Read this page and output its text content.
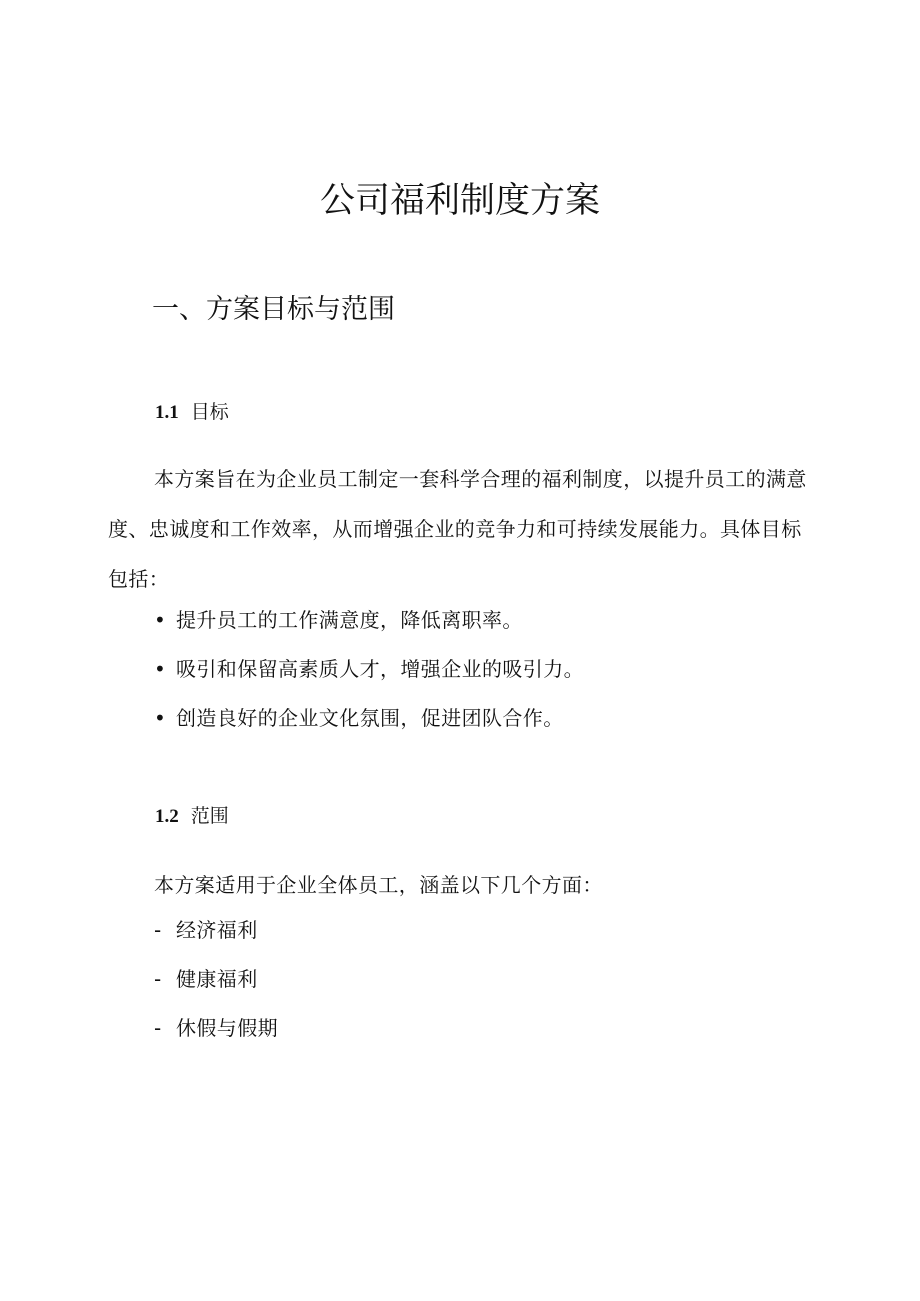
公司福利制度方案
一、方案目标与范围
1.1 目标

本方案旨在为企业员工制定一套科学合理的福利制度，以提升员工的满意度、忠诚度和工作效率，从而增强企业的竞争力和可持续发展能力。具体目标包括：

• 提升员工的工作满意度，降低离职率。
• 吸引和保留高素质人才，增强企业的吸引力。
• 创造良好的企业文化氛围，促进团队合作。
1.2 范围

本方案适用于企业全体员工，涵盖以下几个方面：

- 经济福利
- 健康福利
- 休假与假期
